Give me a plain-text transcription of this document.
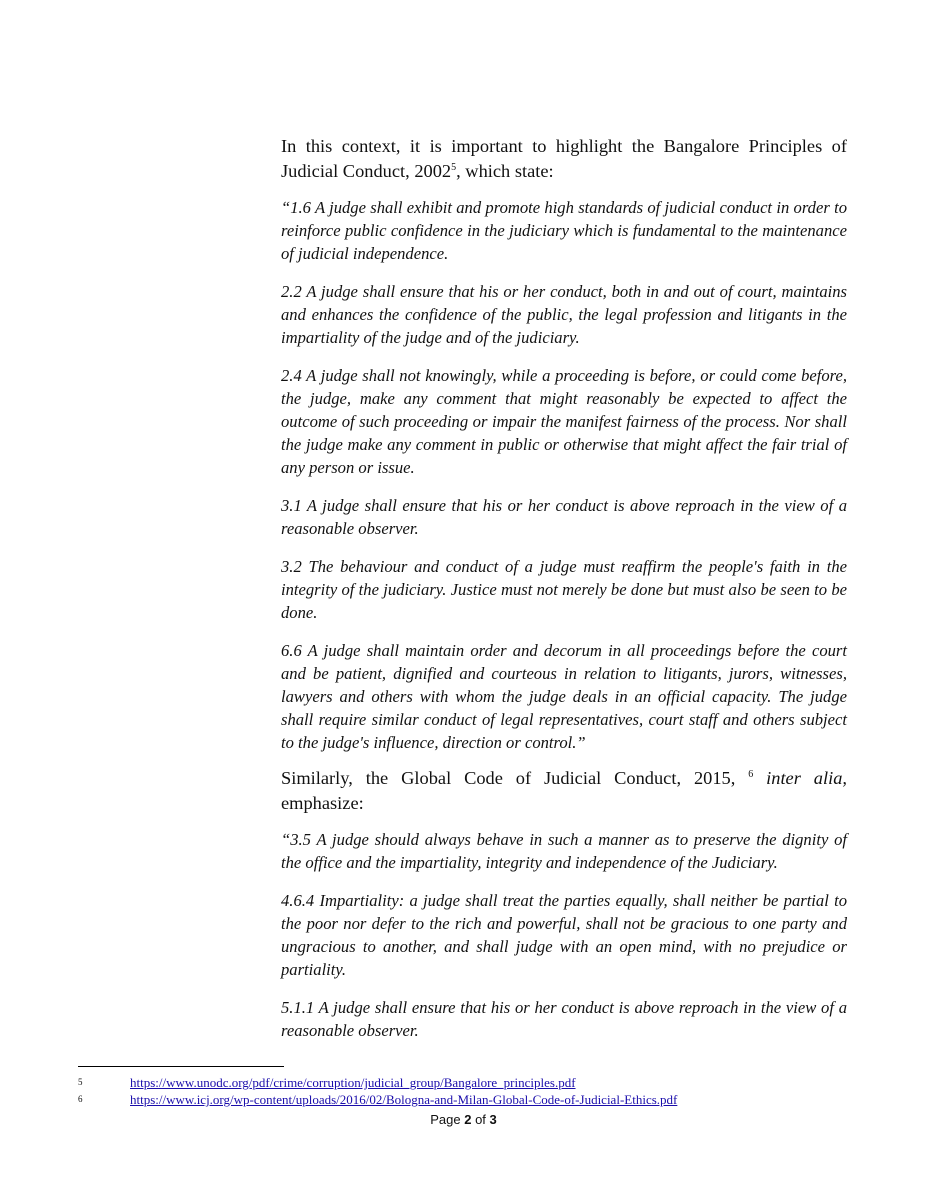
In this context, it is important to highlight the Bangalore Principles of Judicial Conduct, 2002$^5$, which state:

“1.6 A judge shall exhibit and promote high standards of judicial conduct in order to reinforce public confidence in the judiciary which is fundamental to the maintenance of judicial independence.

2.2 A judge shall ensure that his or her conduct, both in and out of court, maintains and enhances the confidence of the public, the legal profession and litigants in the impartiality of the judge and of the judiciary.

2.4 A judge shall not knowingly, while a proceeding is before, or could come before, the judge, make any comment that might reasonably be expected to affect the outcome of such proceeding or impair the manifest fairness of the process. Nor shall the judge make any comment in public or otherwise that might affect the fair trial of any person or issue.

3.1 A judge shall ensure that his or her conduct is above reproach in the view of a reasonable observer.

3.2 The behaviour and conduct of a judge must reaffirm the people's faith in the integrity of the judiciary. Justice must not merely be done but must also be seen to be done.

6.6 A judge shall maintain order and decorum in all proceedings before the court and be patient, dignified and courteous in relation to litigants, jurors, witnesses, lawyers and others with whom the judge deals in an official capacity. The judge shall require similar conduct of legal representatives, court staff and others subject to the judge's influence, direction or control.”

Similarly, the Global Code of Judicial Conduct, 2015, $^6$ inter alia, emphasize:

“3.5 A judge should always behave in such a manner as to preserve the dignity of the office and the impartiality, integrity and independence of the Judiciary.

4.6.4 Impartiality: a judge shall treat the parties equally, shall neither be partial to the poor nor defer to the rich and powerful, shall not be gracious to one party and ungracious to another, and shall judge with an open mind, with no prejudice or partiality.

5.1.1 A judge shall ensure that his or her conduct is above reproach in the view of a reasonable observer.

5	https://www.unodc.org/pdf/crime/corruption/judicial_group/Bangalore_principles.pdf
6	https://www.icj.org/wp-content/uploads/2016/02/Bologna-and-Milan-Global-Code-of-Judicial-Ethics.pdf
Page 2 of 3
